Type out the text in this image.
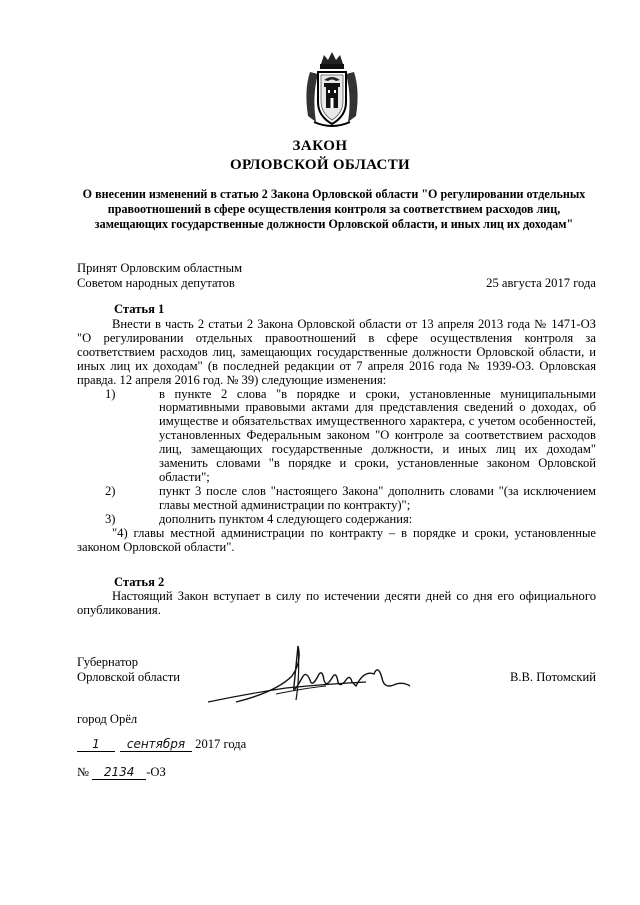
ЗАКОН
ОРЛОВСКОЙ ОБЛАСТИ
О внесении изменений в статью 2 Закона Орловской области "О регулировании отдельных правоотношений в сфере осуществления контроля за соответствием расходов лиц, замещающих государственные должности Орловской области, и иных лиц их доходам"
Принят Орловским областным
Советом народных депутатов	25 августа 2017 года
Статья 1

Внести в часть 2 статьи 2 Закона Орловской области от 13 апреля 2013 года № 1471-ОЗ "О регулировании отдельных правоотношений в сфере осуществления контроля за соответствием расходов лиц, замещающих государственные должности Орловской области, и иных лиц их доходам" (в последней редакции от 7 апреля 2016 года № 1939-ОЗ. Орловская правда. 12 апреля 2016 год. № 39) следующие изменения:

1)	в пункте 2 слова "в порядке и сроки, установленные муниципальными нормативными правовыми актами для представления сведений о доходах, об имуществе и обязательствах имущественного характера, с учетом особенностей, установленных Федеральным законом "О контроле за соответствием расходов лиц, замещающих государственные должности, и иных лиц их доходам" заменить словами "в порядке и сроки, установленные законом Орловской области";
2)	пункт 3 после слов "настоящего Закона" дополнить словами "(за исключением главы местной администрации по контракту)";
3)	дополнить пунктом 4 следующего содержания:

"4) главы местной администрации по контракту – в порядке и сроки, установленные законом Орловской области".

Статья 2

Настоящий Закон вступает в силу по истечении десяти дней со дня его официального опубликования.

Губернатор
Орловской области	В.В. Потомский
город Орёл
1 сентября 2017 года
№ 2134 -ОЗ
